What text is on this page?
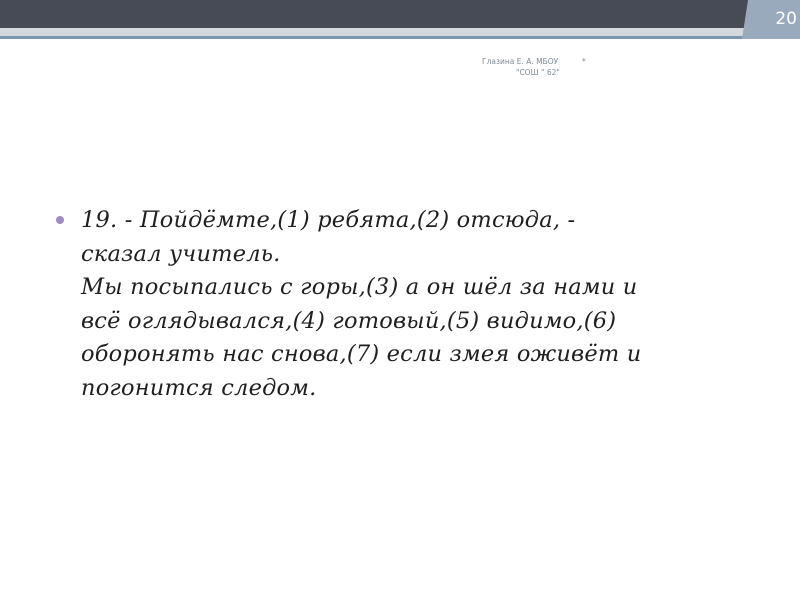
20
Глазина Е. А. МБОУ	*
"СОШ " 62"
19. - Пойдёмте,(1) ребята,(2) отсюда, -
сказал учитель.
Мы посыпались с горы,(3) а он шёл за нами и
всё оглядывался,(4) готовый,(5) видимо,(6)
оборонять нас снова,(7) если змея оживёт и
погонится следом.
